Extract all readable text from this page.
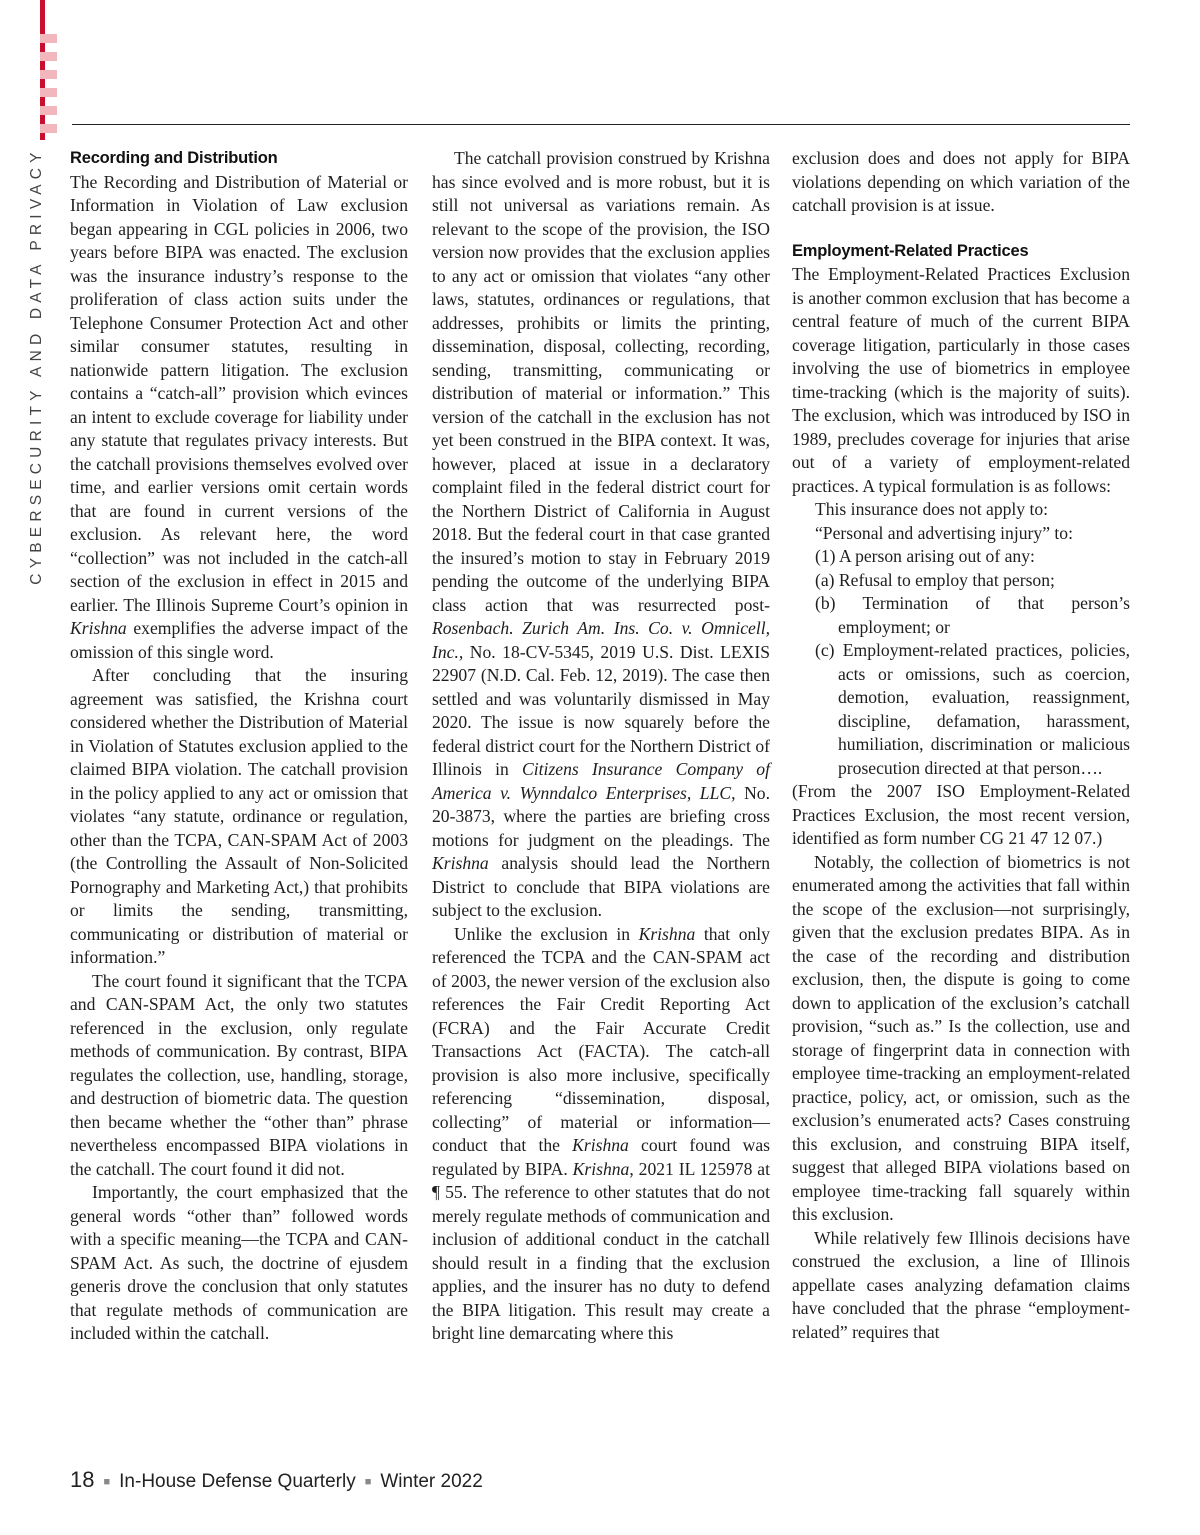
CYBERSECURITY AND DATA PRIVACY Recording and Distribution

The Recording and Distribution of Material or Information in Violation of Law exclusion began appearing in CGL policies in 2006, two years before BIPA was enacted. The exclusion was the insurance industry’s response to the proliferation of class action suits under the Telephone Consumer Protection Act and other similar consumer statutes, resulting in nationwide pattern litigation. The exclusion contains a “catch-all” provision which evinces an intent to exclude coverage for liability under any statute that regulates privacy interests. But the catchall provisions themselves evolved over time, and earlier versions omit certain words that are found in current versions of the exclusion. As relevant here, the word “collection” was not included in the catch-all section of the exclusion in effect in 2015 and earlier. The Illinois Supreme Court’s opinion in Krishna exemplifies the adverse impact of the omission of this single word.

After concluding that the insuring agreement was satisfied, the Krishna court considered whether the Distribution of Material in Violation of Statutes exclusion applied to the claimed BIPA violation. The catchall provision in the policy applied to any act or omission that violates “any statute, ordinance or regulation, other than the TCPA, CAN-SPAM Act of 2003 (the Controlling the Assault of Non-Solicited Pornography and Marketing Act,) that prohibits or limits the sending, transmitting, communicating or distribution of material or information.”

The court found it significant that the TCPA and CAN-SPAM Act, the only two statutes referenced in the exclusion, only regulate methods of communication. By contrast, BIPA regulates the collection, use, handling, storage, and destruction of biometric data. The question then became whether the “other than” phrase nevertheless encompassed BIPA violations in the catchall. The court found it did not.

Importantly, the court emphasized that the general words “other than” followed words with a specific meaning—the TCPA and CAN-SPAM Act. As such, the doctrine of ejusdem generis drove the conclusion that only statutes that regulate methods of communication are included within the catchall.

The catchall provision construed by Krishna has since evolved and is more robust, but it is still not universal as variations remain. As relevant to the scope of the provision, the ISO version now provides that the exclusion applies to any act or omission that violates “any other laws, statutes, ordinances or regulations, that addresses, prohibits or limits the printing, dissemination, disposal, collecting, recording, sending, transmitting, communicating or distribution of material or information.” This version of the catchall in the exclusion has not yet been construed in the BIPA context. It was, however, placed at issue in a declaratory complaint filed in the federal district court for the Northern District of California in August 2018. But the federal court in that case granted the insured’s motion to stay in February 2019 pending the outcome of the underlying BIPA class action that was resurrected post-Rosenbach. Zurich Am. Ins. Co. v. Omnicell, Inc., No. 18-CV-5345, 2019 U.S. Dist. LEXIS 22907 (N.D. Cal. Feb. 12, 2019). The case then settled and was voluntarily dismissed in May 2020. The issue is now squarely before the federal district court for the Northern District of Illinois in Citizens Insurance Company of America v. Wynndalco Enterprises, LLC, No. 20-3873, where the parties are briefing cross motions for judgment on the pleadings. The Krishna analysis should lead the Northern District to conclude that BIPA violations are subject to the exclusion.

Unlike the exclusion in Krishna that only referenced the TCPA and the CAN-SPAM act of 2003, the newer version of the exclusion also references the Fair Credit Reporting Act (FCRA) and the Fair Accurate Credit Transactions Act (FACTA). The catch-all provision is also more inclusive, specifically referencing “dissemination, disposal, collecting” of material or information—conduct that the Krishna court found was regulated by BIPA. Krishna, 2021 IL 125978 at ¶ 55. The reference to other statutes that do not merely regulate methods of communication and inclusion of additional conduct in the catchall should result in a finding that the exclusion applies, and the insurer has no duty to defend the BIPA litigation. This result may create a bright line demarcating where this

exclusion does and does not apply for BIPA violations depending on which variation of the catchall provision is at issue.

Employment-Related Practices

The Employment-Related Practices Exclusion is another common exclusion that has become a central feature of much of the current BIPA coverage litigation, particularly in those cases involving the use of biometrics in employee time-tracking (which is the majority of suits). The exclusion, which was introduced by ISO in 1989, precludes coverage for injuries that arise out of a variety of employment-related practices. A typical formulation is as follows:

This insurance does not apply to:

“Personal and advertising injury” to:

(1) A person arising out of any:

(a) Refusal to employ that person;

(b) Termination of that person’s employment; or

(c) Employment-related practices, policies, acts or omissions, such as coercion, demotion, evaluation, reassignment, discipline, defamation, harassment, humiliation, discrimination or malicious prosecution directed at that person….

(From the 2007 ISO Employment-Related Practices Exclusion, the most recent version, identified as form number CG 21 47 12 07.)

Notably, the collection of biometrics is not enumerated among the activities that fall within the scope of the exclusion—not surprisingly, given that the exclusion predates BIPA. As in the case of the recording and distribution exclusion, then, the dispute is going to come down to application of the exclusion’s catchall provision, “such as.” Is the collection, use and storage of fingerprint data in connection with employee time-tracking an employment-related practice, policy, act, or omission, such as the exclusion’s enumerated acts? Cases construing this exclusion, and construing BIPA itself, suggest that alleged BIPA violations based on employee time-tracking fall squarely within this exclusion.

While relatively few Illinois decisions have construed the exclusion, a line of Illinois appellate cases analyzing defamation claims have concluded that the phrase “employment-related” requires that

18 ■ In-House Defense Quarterly ■ Winter 2022
